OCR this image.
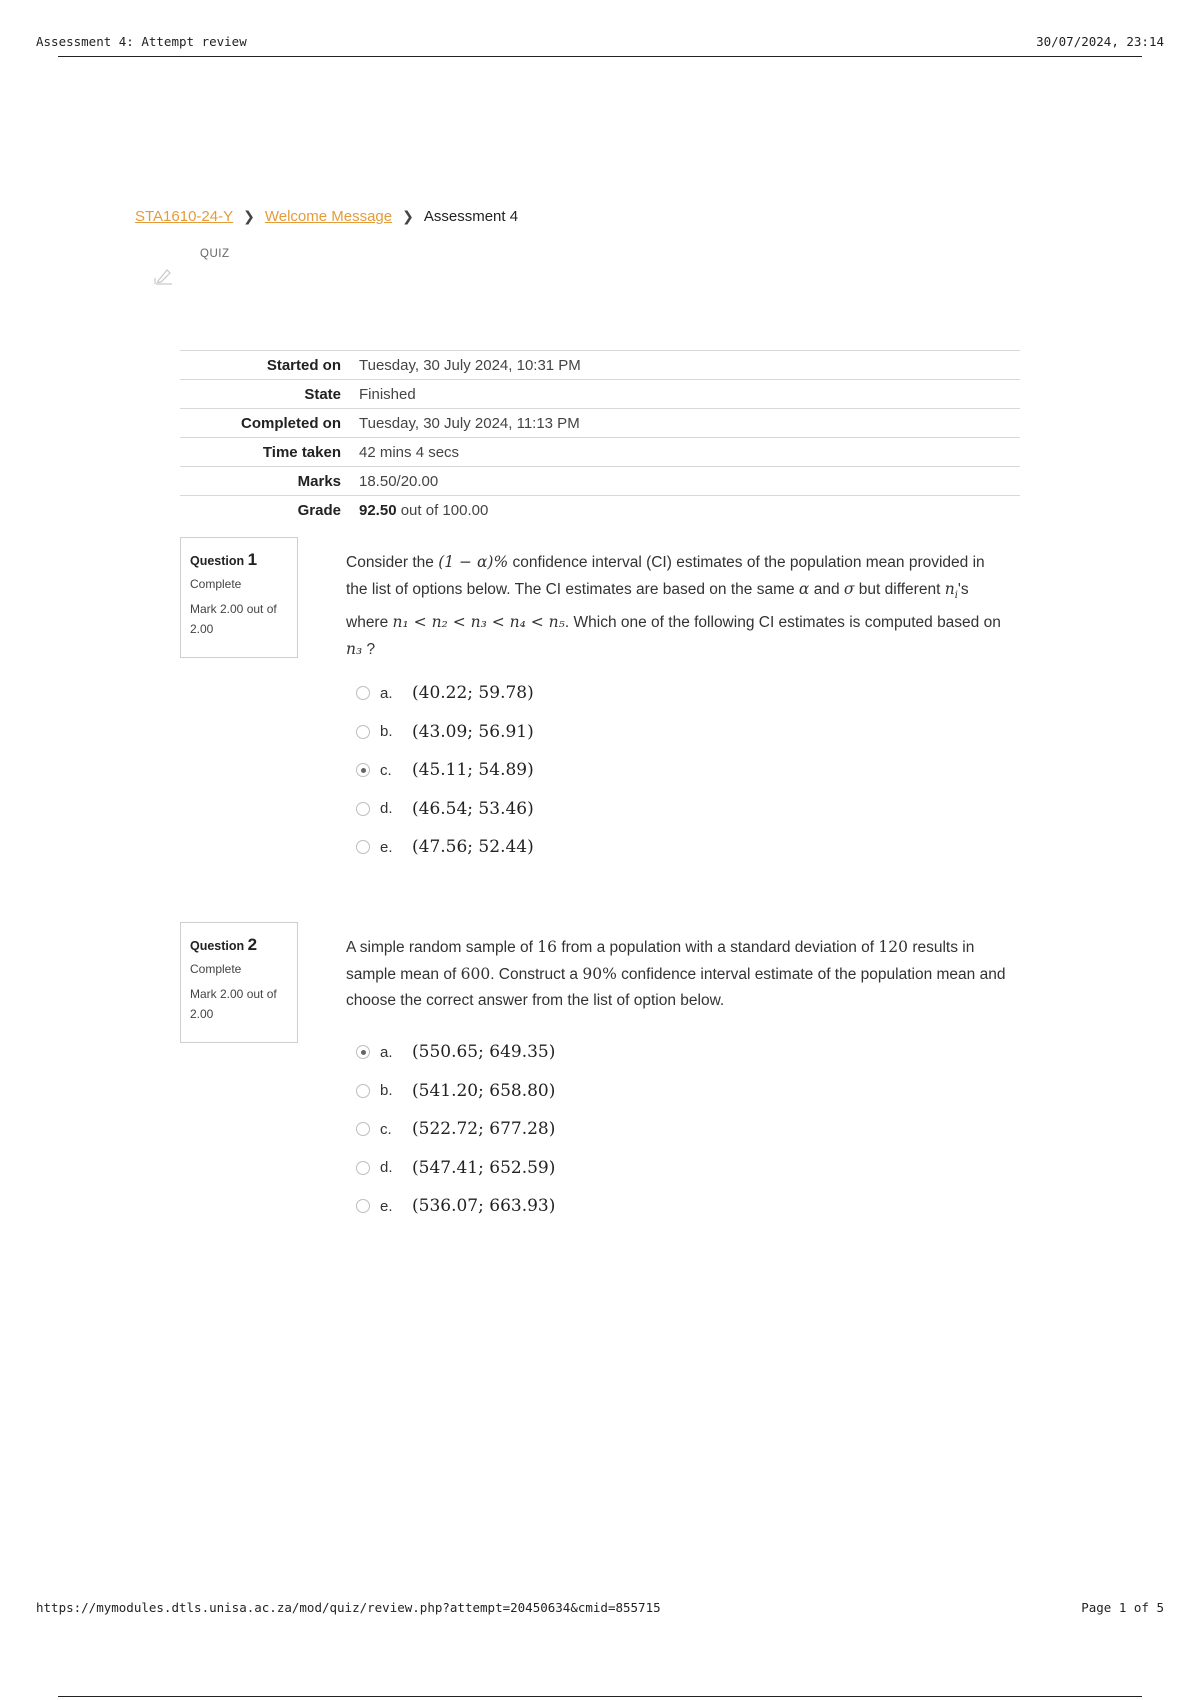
Assessment 4: Attempt review	30/07/2024, 23:14
STA1610-24-Y ❯ Welcome Message ❯ Assessment 4
QUIZ
Started on	Tuesday, 30 July 2024, 10:31 PM
State	Finished
Completed on	Tuesday, 30 July 2024, 11:13 PM
Time taken	42 mins 4 secs
Marks	18.50/20.00
Grade	92.50 out of 100.00
Question 1
Complete
Mark 2.00 out of 2.00
Consider the (1 − α)% confidence interval (CI) estimates of the population mean provided in the list of options below. The CI estimates are based on the same α and σ but different $n_i's$ where n₁ < n₂ < n₃ < n₄ < n₅. Which one of the following CI estimates is computed based on n₃ ?
a.	(40.22; 59.78)
b.	(43.09; 56.91)
c.	(45.11; 54.89)
d.	(46.54; 53.46)
e.	(47.56; 52.44)
Question 2
Complete
Mark 2.00 out of 2.00
A simple random sample of 16 from a population with a standard deviation of 120 results in sample mean of 600. Construct a 90% confidence interval estimate of the population mean and choose the correct answer from the list of option below.
a.	(550.65; 649.35)
b.	(541.20; 658.80)
c.	(522.72; 677.28)
d.	(547.41; 652.59)
e.	(536.07; 663.93)
https://mymodules.dtls.unisa.ac.za/mod/quiz/review.php?attempt=20450634&cmid=855715	Page 1 of 5
